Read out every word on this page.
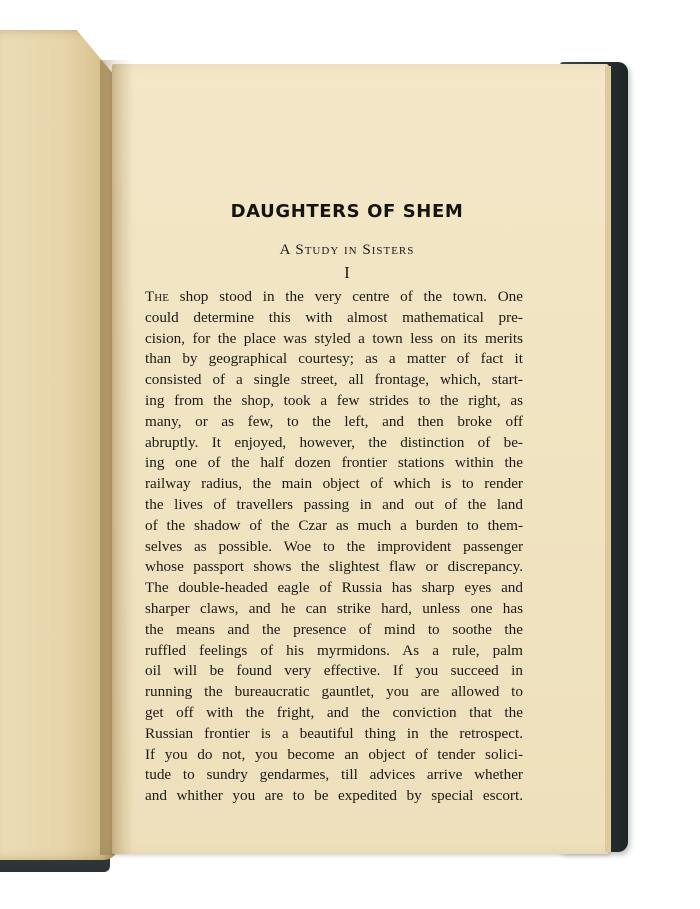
DAUGHTERS OF SHEM
A Study in Sisters
I
The shop stood in the very centre of the town. One
could determine this with almost mathematical pre-
cision, for the place was styled a town less on its merits
than by geographical courtesy; as a matter of fact it
consisted of a single street, all frontage, which, start-
ing from the shop, took a few strides to the right, as
many, or as few, to the left, and then broke off
abruptly. It enjoyed, however, the distinction of be-
ing one of the half dozen frontier stations within the
railway radius, the main object of which is to render
the lives of travellers passing in and out of the land
of the shadow of the Czar as much a burden to them-
selves as possible. Woe to the improvident passenger
whose passport shows the slightest flaw or discrepancy.
The double-headed eagle of Russia has sharp eyes and
sharper claws, and he can strike hard, unless one has
the means and the presence of mind to soothe the
ruffled feelings of his myrmidons. As a rule, palm
oil will be found very effective. If you succeed in
running the bureaucratic gauntlet, you are allowed to
get off with the fright, and the conviction that the
Russian frontier is a beautiful thing in the retrospect.
If you do not, you become an object of tender solici-
tude to sundry gendarmes, till advices arrive whether
and whither you are to be expedited by special escort.
